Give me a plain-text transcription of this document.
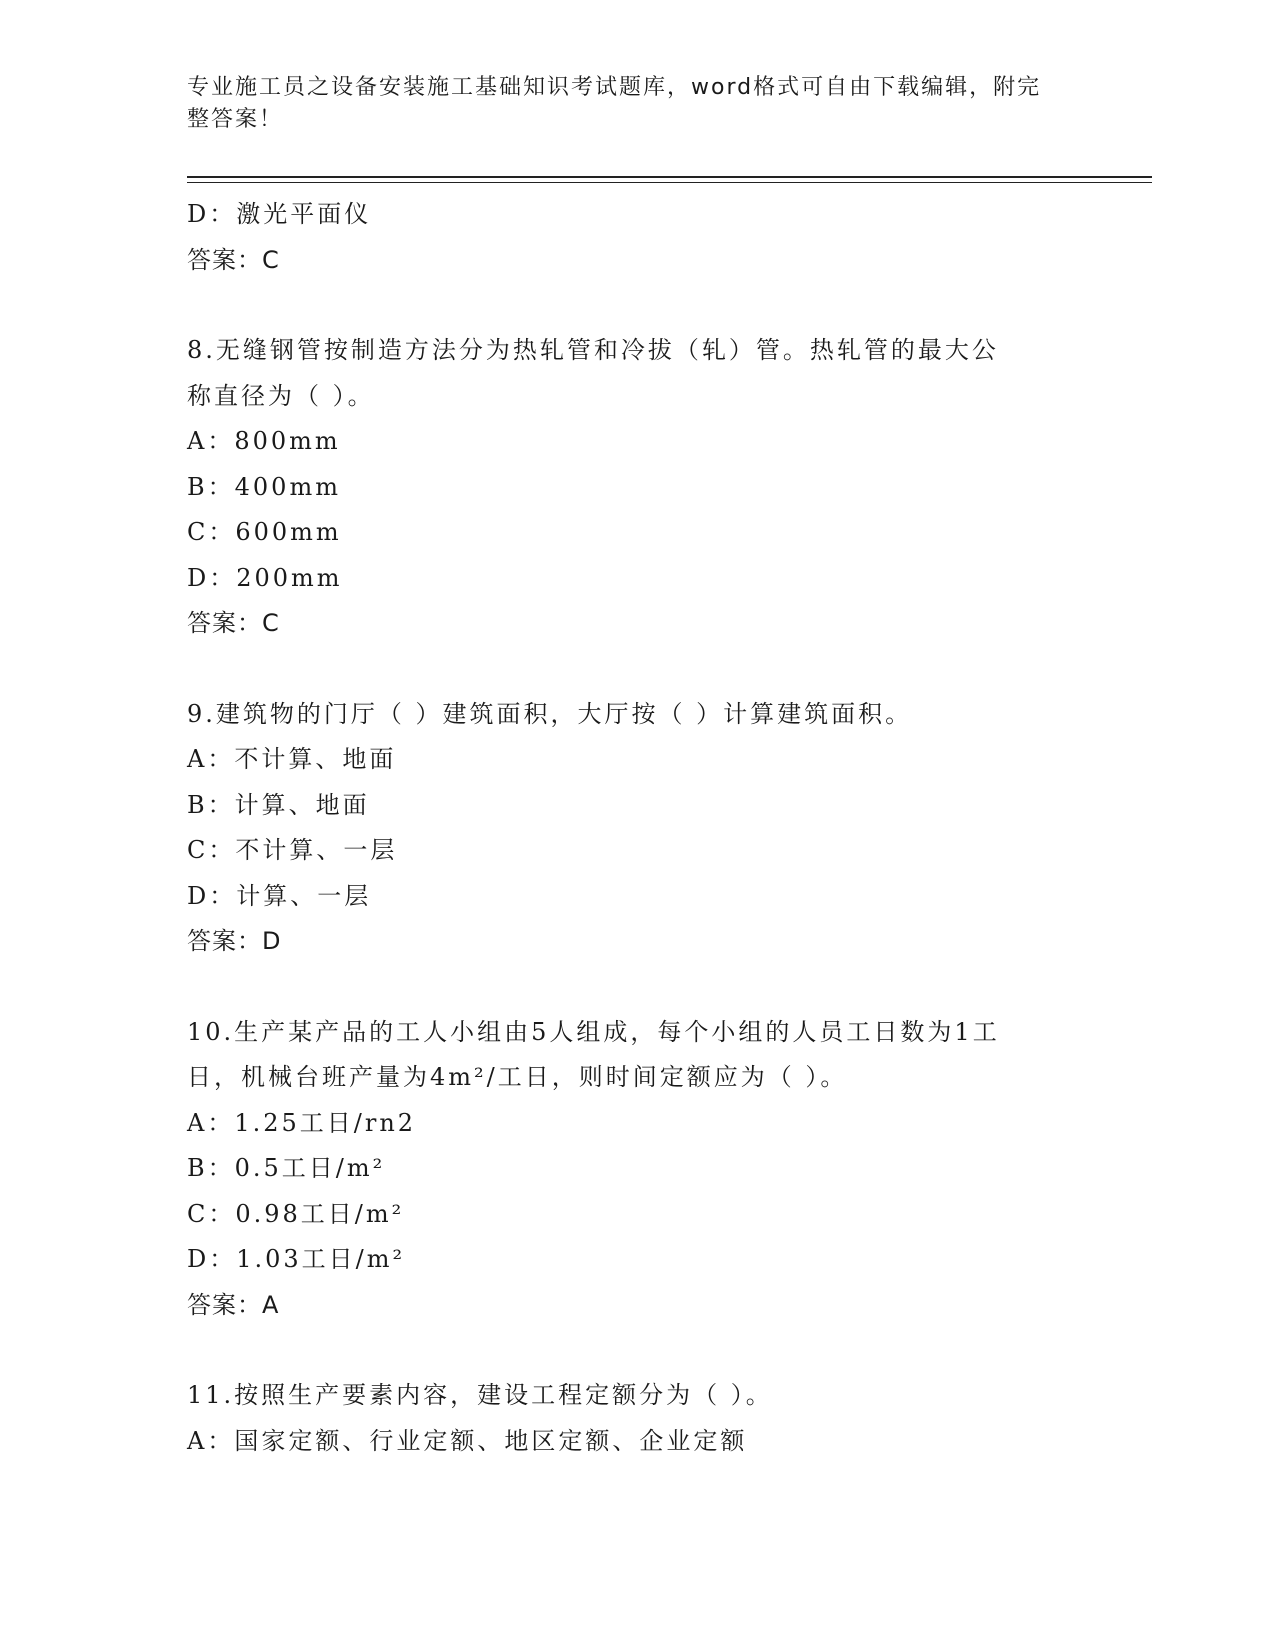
专业施工员之设备安装施工基础知识考试题库，word格式可自由下载编辑，附完
整答案！
D：激光平面仪
答案：C
8.无缝钢管按制造方法分为热轧管和冷拔（轧）管。热轧管的最大公
称直径为（ ）。
A：800mm
B：400mm
C：600mm
D：200mm
答案：C
9.建筑物的门厅（ ）建筑面积，大厅按（ ）计算建筑面积。
A：不计算、地面
B：计算、地面
C：不计算、一层
D：计算、一层
答案：D
10.生产某产品的工人小组由5人组成，每个小组的人员工日数为1工
日，机械台班产量为4m²/工日，则时间定额应为（ ）。
A：1.25工日/rn2
B：0.5工日/m²
C：0.98工日/m²
D：1.03工日/m²
答案：A
11.按照生产要素内容，建设工程定额分为（ ）。
A：国家定额、行业定额、地区定额、企业定额
